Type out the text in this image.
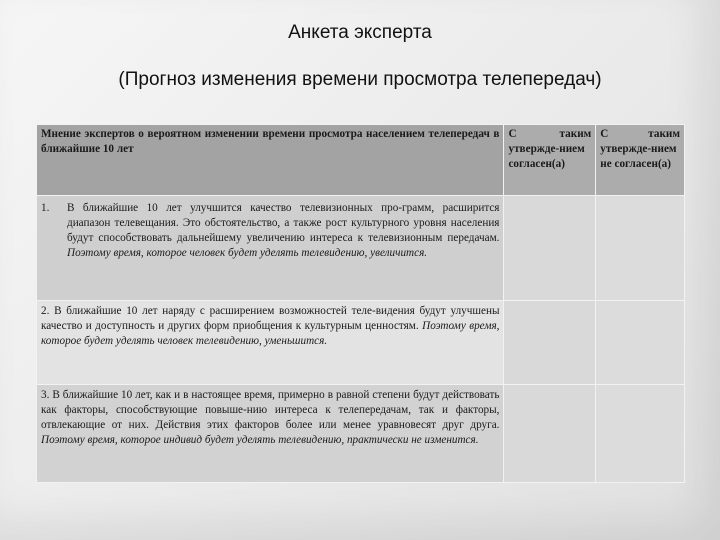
Анкета эксперта
(Прогноз изменения времени просмотра телепередач)
Мнение экспертов о вероятном изменении времени просмотра населением телепередач в ближайшие 10 лет	С таким утвержде-нием согласен(а)	С таким утвержде-нием не согласен(а)

1. В ближайшие 10 лет улучшится качество телевизионных про-грамм, расширится диапазон телевещания. Это обстоятельство, а также рост культурного уровня населения будут способствовать дальнейшему увеличению интереса к телевизионным передачам. Поэтому время, которое человек будет уделять телевидению, увеличится.		

2. В ближайшие 10 лет наряду с расширением возможностей теле-видения будут улучшены качество и доступность и других форм приобщения к культурным ценностям. Поэтому время, которое будет уделять человек телевидению, уменьшится.		
3. В ближайшие 10 лет, как и в настоящее время, примерно в равной степени будут действовать как факторы, способствующие повыше-нию интереса к телепередачам, так и факторы, отвлекающие от них. Действия этих факторов более или менее уравновесят друг друга. Поэтому время, которое индивид будет уделять телевидению, практически не изменится.		
